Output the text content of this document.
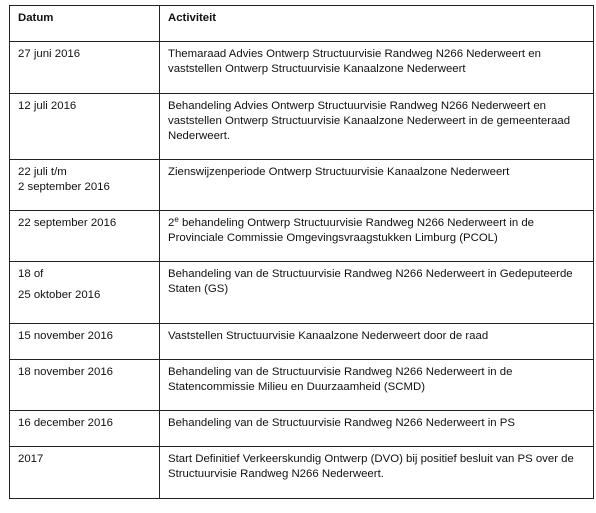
Datum	Activiteit
27 juni 2016	Themaraad Advies Ontwerp Structuurvisie Randweg N266 Nederweert en vaststellen Ontwerp Structuurvisie Kanaalzone Nederweert
12 juli 2016	Behandeling Advies Ontwerp Structuurvisie Randweg N266 Nederweert en vaststellen Ontwerp Structuurvisie Kanaalzone Nederweert in de gemeenteraad Nederweert.

22 juli t/m
2 september 2016	Zienswijzenperiode Ontwerp Structuurvisie Kanaalzone Nederweert
22 september 2016	2e behandeling Ontwerp Structuurvisie Randweg N266 Nederweert in de Provinciale Commissie Omgevingsvraagstukken Limburg (PCOL)

18 of
25 oktober 2016	Behandeling van de Structuurvisie Randweg N266 Nederweert in Gedeputeerde Staten (GS)
15 november 2016	Vaststellen Structuurvisie Kanaalzone Nederweert door de raad
18 november 2016	Behandeling van de Structuurvisie Randweg N266 Nederweert in de Statencommissie Milieu en Duurzaamheid (SCMD)
16 december 2016	Behandeling van de Structuurvisie Randweg N266 Nederweert in PS
2017	Start Definitief Verkeerskundig Ontwerp (DVO) bij positief besluit van PS over de Structuurvisie Randweg N266 Nederweert.
